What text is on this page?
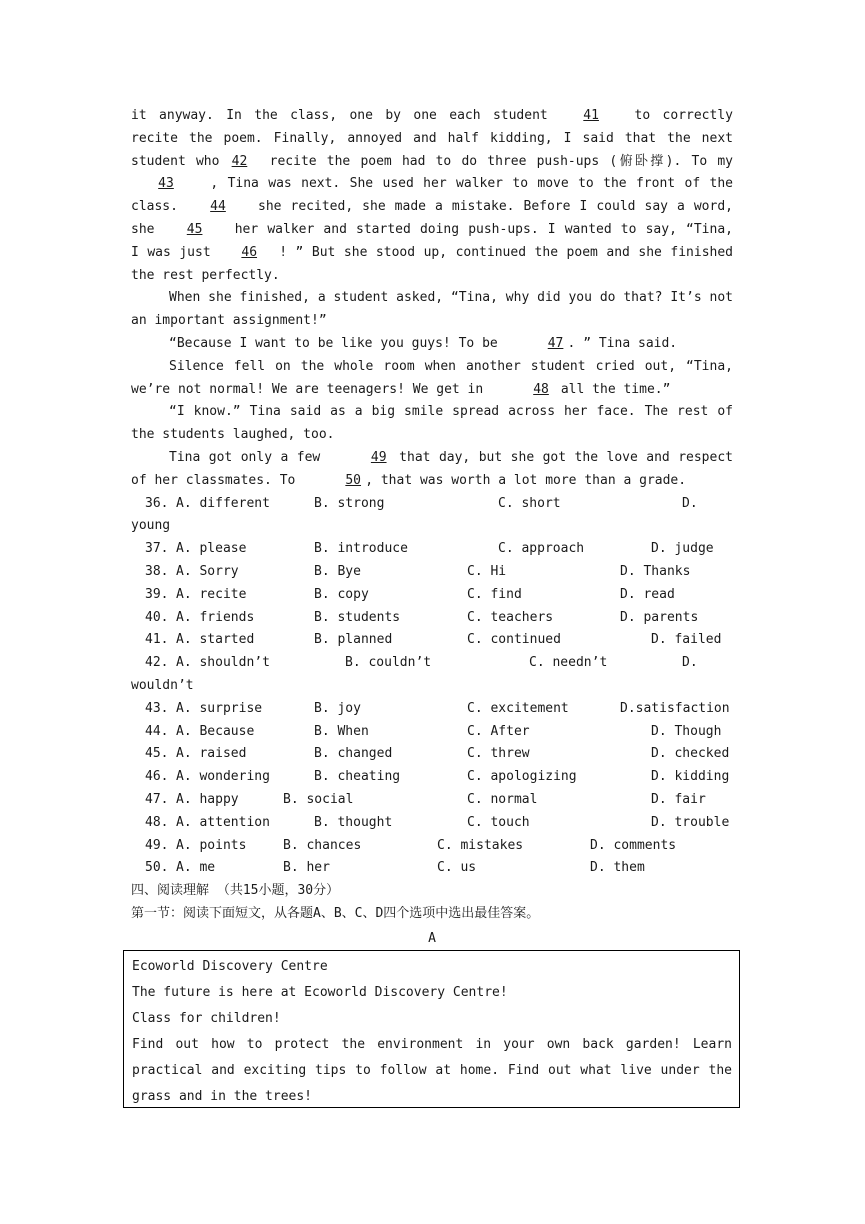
it anyway. In the class, one by one each student 41 to correctly recite the poem. Finally, annoyed and half kidding, I said that the next student who 42 recite the poem had to do three push-ups (俯卧撑). To my 43 , Tina was next. She used her walker to move to the front of the class. 44 she recited, she made a mistake. Before I could say a word, she 45 her walker and started doing push-ups. I wanted to say, “Tina, I was just 46 ! ” But she stood up, continued the poem and she finished the rest perfectly.

When she finished, a student asked, “Tina, why did you do that? It’s not an important assignment!”

“Because I want to be like you guys! To be	47 . ” Tina said.

Silence fell on the whole room when another student cried out, “Tina, we’re not normal! We are teenagers! We get in	48 all the time.”

“I know.” Tina said as a big smile spread across her face. The rest of the students laughed, too.

Tina got only a few	49 that day, but she got the love and respect of her classmates. To	50 , that was worth a lot more than a grade.

36. A. different	B. strong	C. short	D.
young
37. A. please	B. introduce	C. approach	D. judge
38. A. Sorry	B. Bye	C. Hi	D. Thanks
39. A. recite	B. copy	C. find	D. read
40. A. friends	B. students	C. teachers	D. parents
41. A. started	B. planned	C. continued	D. failed
42. A. shouldn’t	B. couldn’t	C. needn’t	D.
wouldn’t
43. A. surprise	B. joy	C. excitement	D.satisfaction
44. A. Because	B. When	C. After	D. Though
45. A. raised	B. changed	C. threw	D. checked
46. A. wondering	B. cheating	C. apologizing	D. kidding
47. A. happy	B. social	C. normal	D. fair
48. A. attention	B. thought	C. touch	D. trouble
49. A. points	B. chances	C. mistakes	D. comments
50. A. me	B. her	C. us	D. them

四、阅读理解 （共15小题，30分）

第一节：阅读下面短文，从各题A、B、C、D四个选项中选出最佳答案。

A

Ecoworld Discovery Centre

The future is here at Ecoworld Discovery Centre!

Class for children!

Find out how to protect the environment in your own back garden! Learn practical and exciting tips to follow at home. Find out what live under the grass and in the trees!
